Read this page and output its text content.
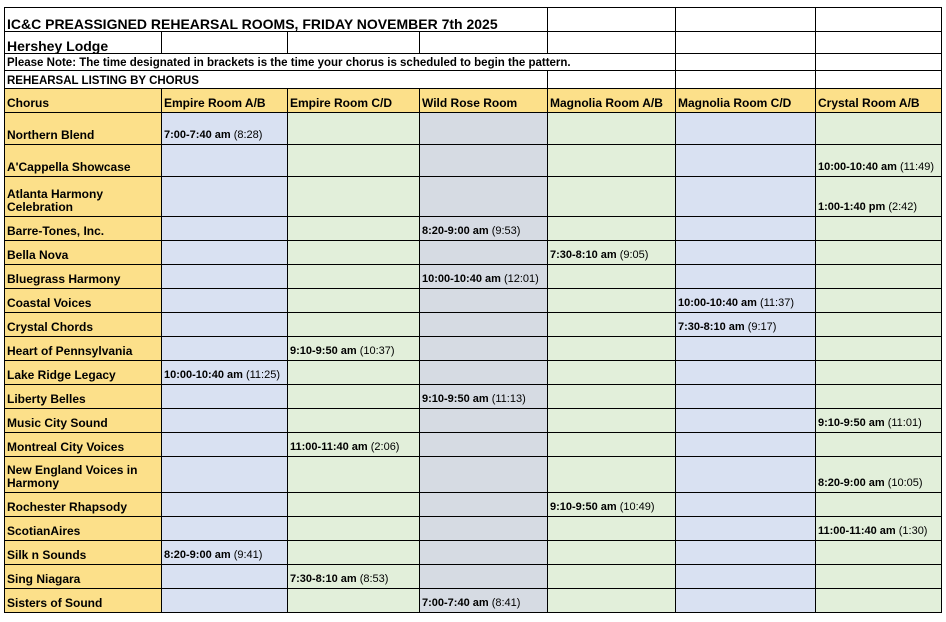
IC&C PREASSIGNED REHEARSAL ROOMS, FRIDAY NOVEMBER 7th 2025						
Hershey Lodge						
Please Note: The time designated in brackets is the time your chorus is scheduled to begin the pattern.						
REHEARSAL LISTING BY CHORUS						
Chorus	Empire Room A/B	Empire Room C/D	Wild Rose Room	Magnolia Room A/B	Magnolia Room C/D	Crystal Room A/B
Northern Blend	7:00-7:40 am (8:28)					
A'Cappella Showcase						10:00-10:40 am (11:49)
Atlanta Harmony Celebration						1:00-1:40 pm (2:42)
Barre-Tones, Inc.			8:20-9:00 am (9:53)			
Bella Nova				7:30-8:10 am (9:05)		
Bluegrass Harmony			10:00-10:40 am (12:01)			
Coastal Voices					10:00-10:40 am (11:37)	
Crystal Chords					7:30-8:10 am (9:17)	
Heart of Pennsylvania		9:10-9:50 am (10:37)				
Lake Ridge Legacy	10:00-10:40 am (11:25)					
Liberty Belles			9:10-9:50 am (11:13)			
Music City Sound						9:10-9:50 am (11:01)
Montreal City Voices		11:00-11:40 am (2:06)				
New England Voices in Harmony						8:20-9:00 am (10:05)
Rochester Rhapsody				9:10-9:50 am (10:49)		
ScotianAires						11:00-11:40 am (1:30)
Silk n Sounds	8:20-9:00 am (9:41)					
Sing Niagara		7:30-8:10 am (8:53)				
Sisters of Sound			7:00-7:40 am (8:41)			
